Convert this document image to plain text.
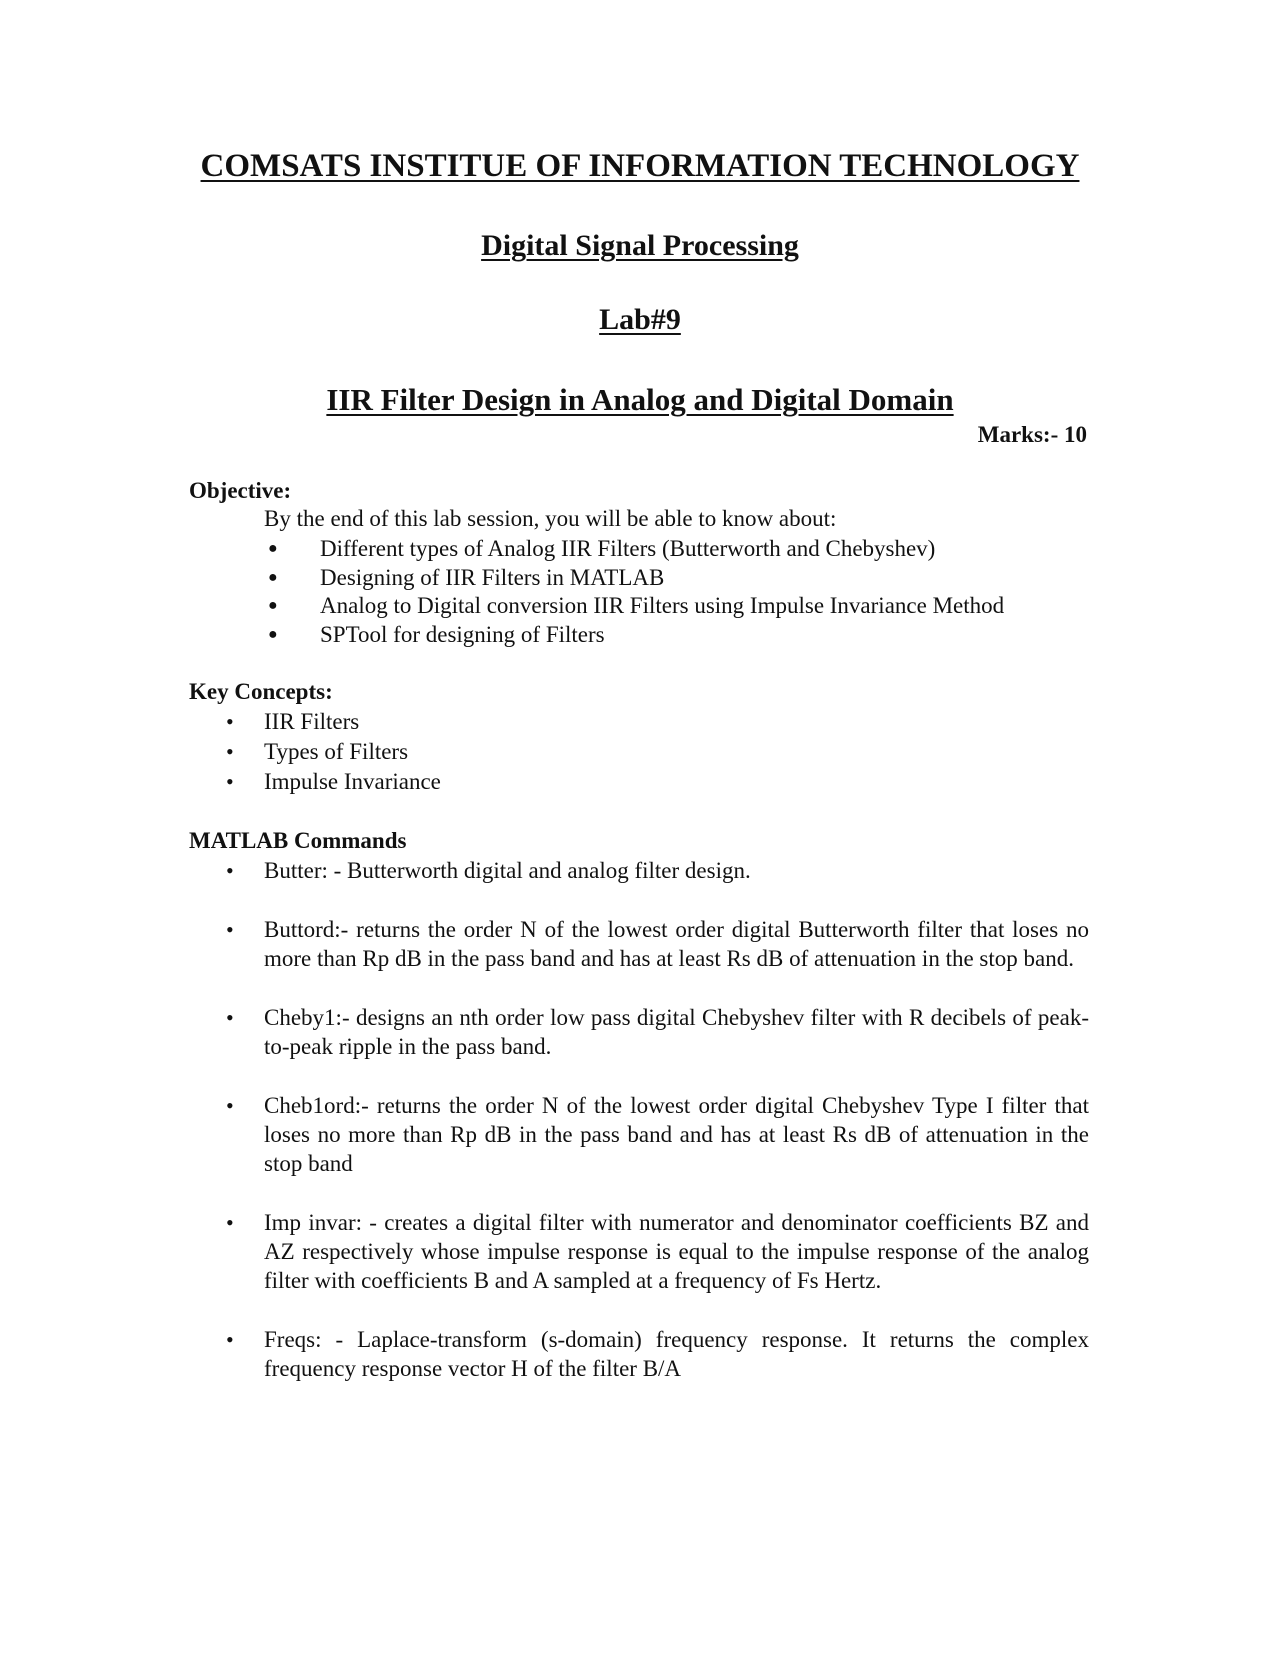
COMSATS INSTITUE OF INFORMATION TECHNOLOGY
Digital Signal Processing
Lab#9
IIR Filter Design in Analog and Digital Domain
Marks:- 10
Objective:
By the end of this lab session, you will be able to know about:
● Different types of Analog IIR Filters (Butterworth and Chebyshev)
● Designing of IIR Filters in MATLAB
● Analog to Digital conversion IIR Filters using Impulse Invariance Method
● SPTool for designing of Filters
Key Concepts:
• IIR Filters
• Types of Filters
• Impulse Invariance
MATLAB Commands
• Butter: - Butterworth digital and analog filter design.
• Buttord:- returns the order N of the lowest order digital Butterworth filter that loses no more than Rp dB in the pass band and has at least Rs dB of attenuation in the stop band.
• Cheby1:- designs an nth order low pass digital Chebyshev filter with R decibels of peak-to-peak ripple in the pass band.
• Cheb1ord:- returns the order N of the lowest order digital Chebyshev Type I filter that loses no more than Rp dB in the pass band and has at least Rs dB of attenuation in the stop band
• Imp invar: - creates a digital filter with numerator and denominator coefficients BZ and AZ respectively whose impulse response is equal to the impulse response of the analog filter with coefficients B and A sampled at a frequency of Fs Hertz.
• Freqs: - Laplace-transform (s-domain) frequency response. It returns the complex frequency response vector H of the filter B/A
